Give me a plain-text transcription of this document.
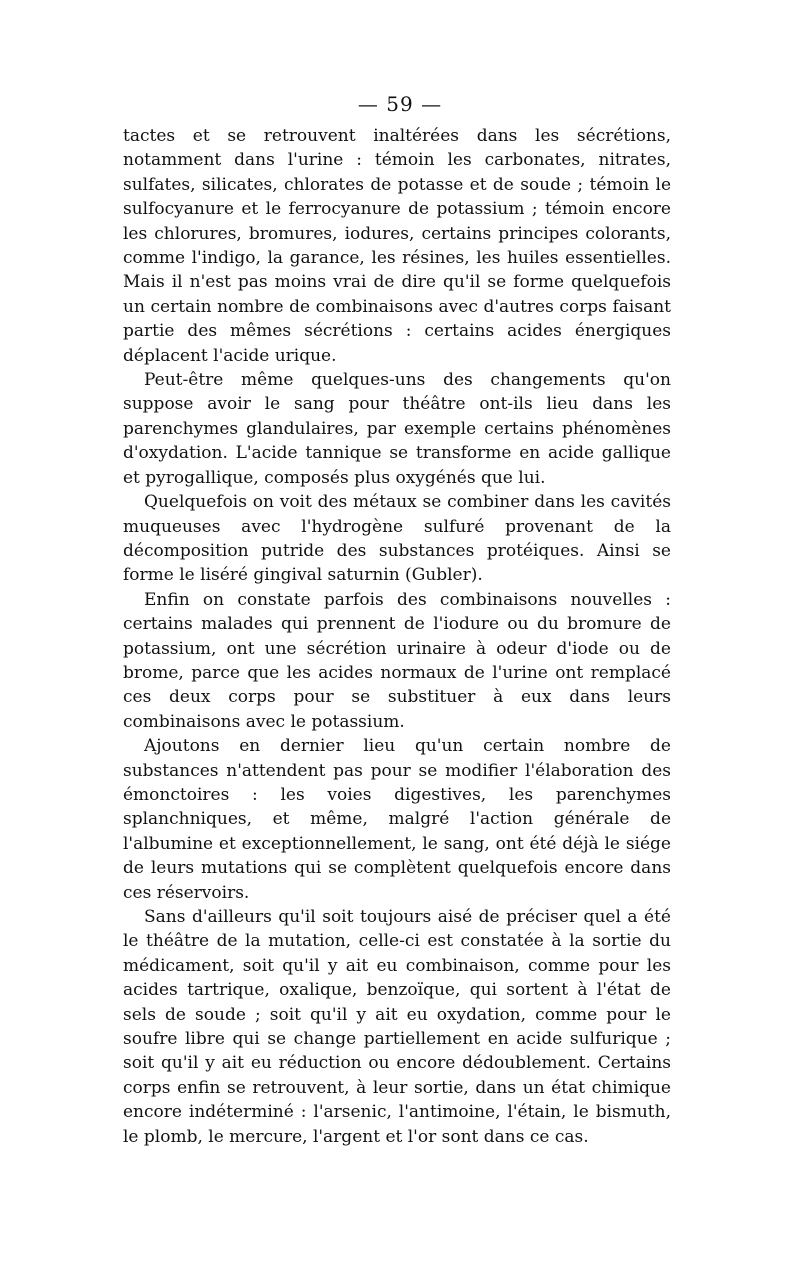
— 59 —

tactes et se retrouvent inaltérées dans les sécrétions, notamment dans l'urine : témoin les carbonates, nitrates, sulfates, silicates, chlorates de potasse et de soude ; témoin le sulfocyanure et le ferrocyanure de potassium ; témoin encore les chlorures, bromures, iodures, certains principes colorants, comme l'indigo, la garance, les résines, les huiles essentielles. Mais il n'est pas moins vrai de dire qu'il se forme quelquefois un certain nombre de combinaisons avec d'autres corps faisant partie des mêmes sécrétions : certains acides énergiques déplacent l'acide urique.

Peut-être même quelques-uns des changements qu'on suppose avoir le sang pour théâtre ont-ils lieu dans les parenchymes glandulaires, par exemple certains phénomènes d'oxydation. L'acide tannique se transforme en acide gallique et pyrogallique, composés plus oxygénés que lui.

Quelquefois on voit des métaux se combiner dans les cavités muqueuses avec l'hydrogène sulfuré provenant de la décomposition putride des substances protéiques. Ainsi se forme le liséré gingival saturnin (Gubler).

Enfin on constate parfois des combinaisons nouvelles : certains malades qui prennent de l'iodure ou du bromure de potassium, ont une sécrétion urinaire à odeur d'iode ou de brome, parce que les acides normaux de l'urine ont remplacé ces deux corps pour se substituer à eux dans leurs combinaisons avec le potassium.

Ajoutons en dernier lieu qu'un certain nombre de substances n'attendent pas pour se modifier l'élaboration des émonctoires : les voies digestives, les parenchymes splanchniques, et même, malgré l'action générale de l'albumine et exceptionnellement, le sang, ont été déjà le siége de leurs mutations qui se complètent quelquefois encore dans ces réservoirs.

Sans d'ailleurs qu'il soit toujours aisé de préciser quel a été le théâtre de la mutation, celle-ci est constatée à la sortie du médicament, soit qu'il y ait eu combinaison, comme pour les acides tartrique, oxalique, benzoïque, qui sortent à l'état de sels de soude ; soit qu'il y ait eu oxydation, comme pour le soufre libre qui se change partiellement en acide sulfurique ; soit qu'il y ait eu réduction ou encore dédoublement. Certains corps enfin se retrouvent, à leur sortie, dans un état chimique encore indéterminé : l'arsenic, l'antimoine, l'étain, le bismuth, le plomb, le mercure, l'argent et l'or sont dans ce cas.
